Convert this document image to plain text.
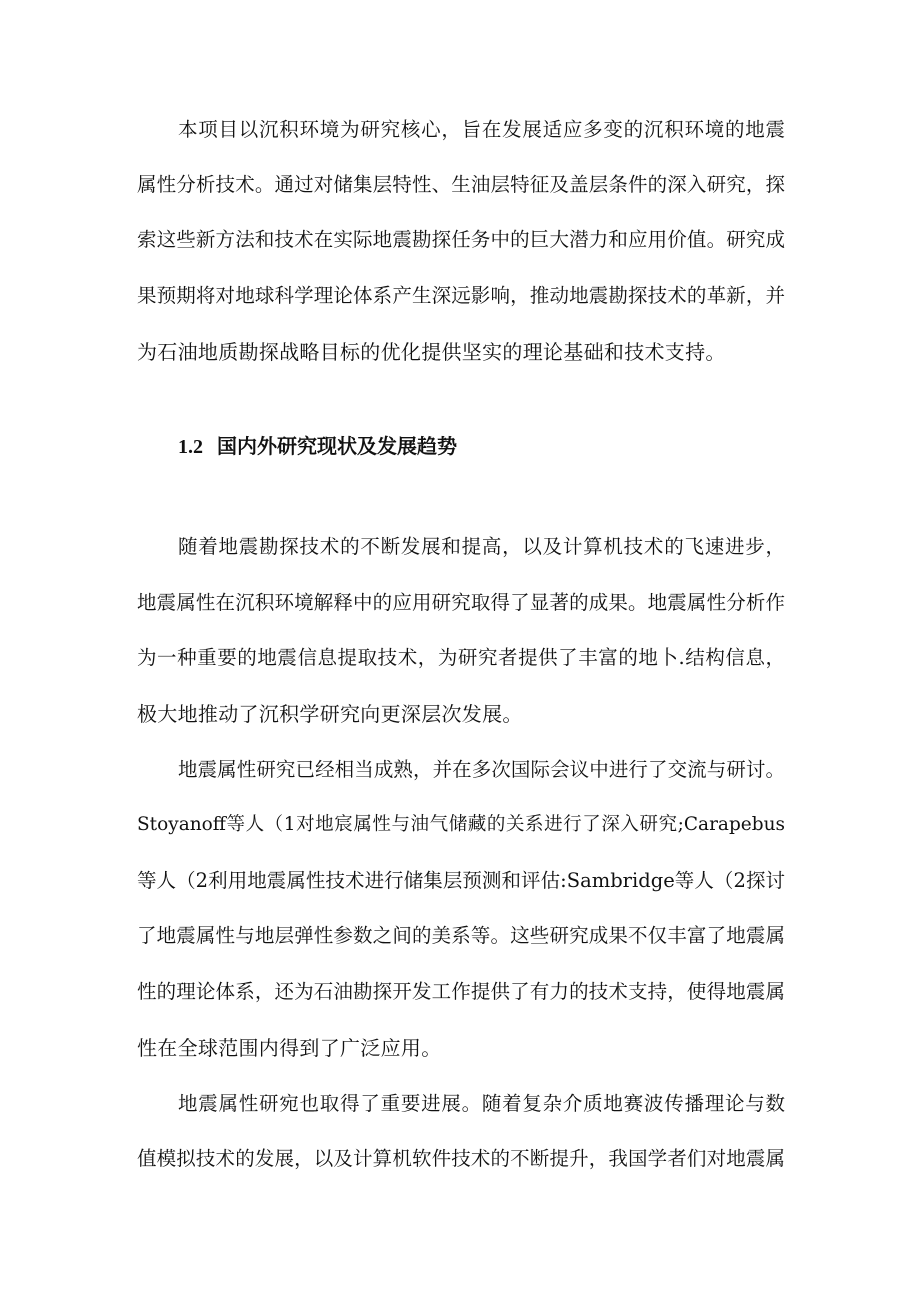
本项目以沉积环境为研究核心，旨在发展适应多变的沉积环境的地震
属性分析技术。通过对储集层特性、生油层特征及盖层条件的深入研究，探
索这些新方法和技术在实际地震勘探任务中的巨大潜力和应用价值。研究成
果预期将对地球科学理论体系产生深远影响，推动地震勘探技术的革新，并
为石油地质勘探战略目标的优化提供坚实的理论基础和技术支持。
1.2 国内外研究现状及发展趋势
随着地震勘探技术的不断发展和提高，以及计算机技术的飞速进步，
地震属性在沉积环境解释中的应用研究取得了显著的成果。地震属性分析作
为一种重要的地震信息提取技术，为研究者提供了丰富的地卜.结构信息，
极大地推动了沉积学研究向更深层次发展。
地震属性研究已经相当成熟，并在多次国际会议中进行了交流与研讨。
Stoyanoff等人（1对地宸属性与油气储藏的关系进行了深入研究;Carapebus
等人（2利用地震属性技术进行储集层预测和评估:Sambridge等人（2探讨
了地震属性与地层弹性参数之间的美系等。这些研究成果不仅丰富了地震属
性的理论体系，还为石油勘探开发工作提供了有力的技术支持，使得地震属
性在全球范围内得到了广泛应用。
地震属性研宛也取得了重要进展。随着复杂介质地赛波传播理论与数
值模拟技术的发展，以及计算机软件技术的不断提升，我国学者们对地震属
